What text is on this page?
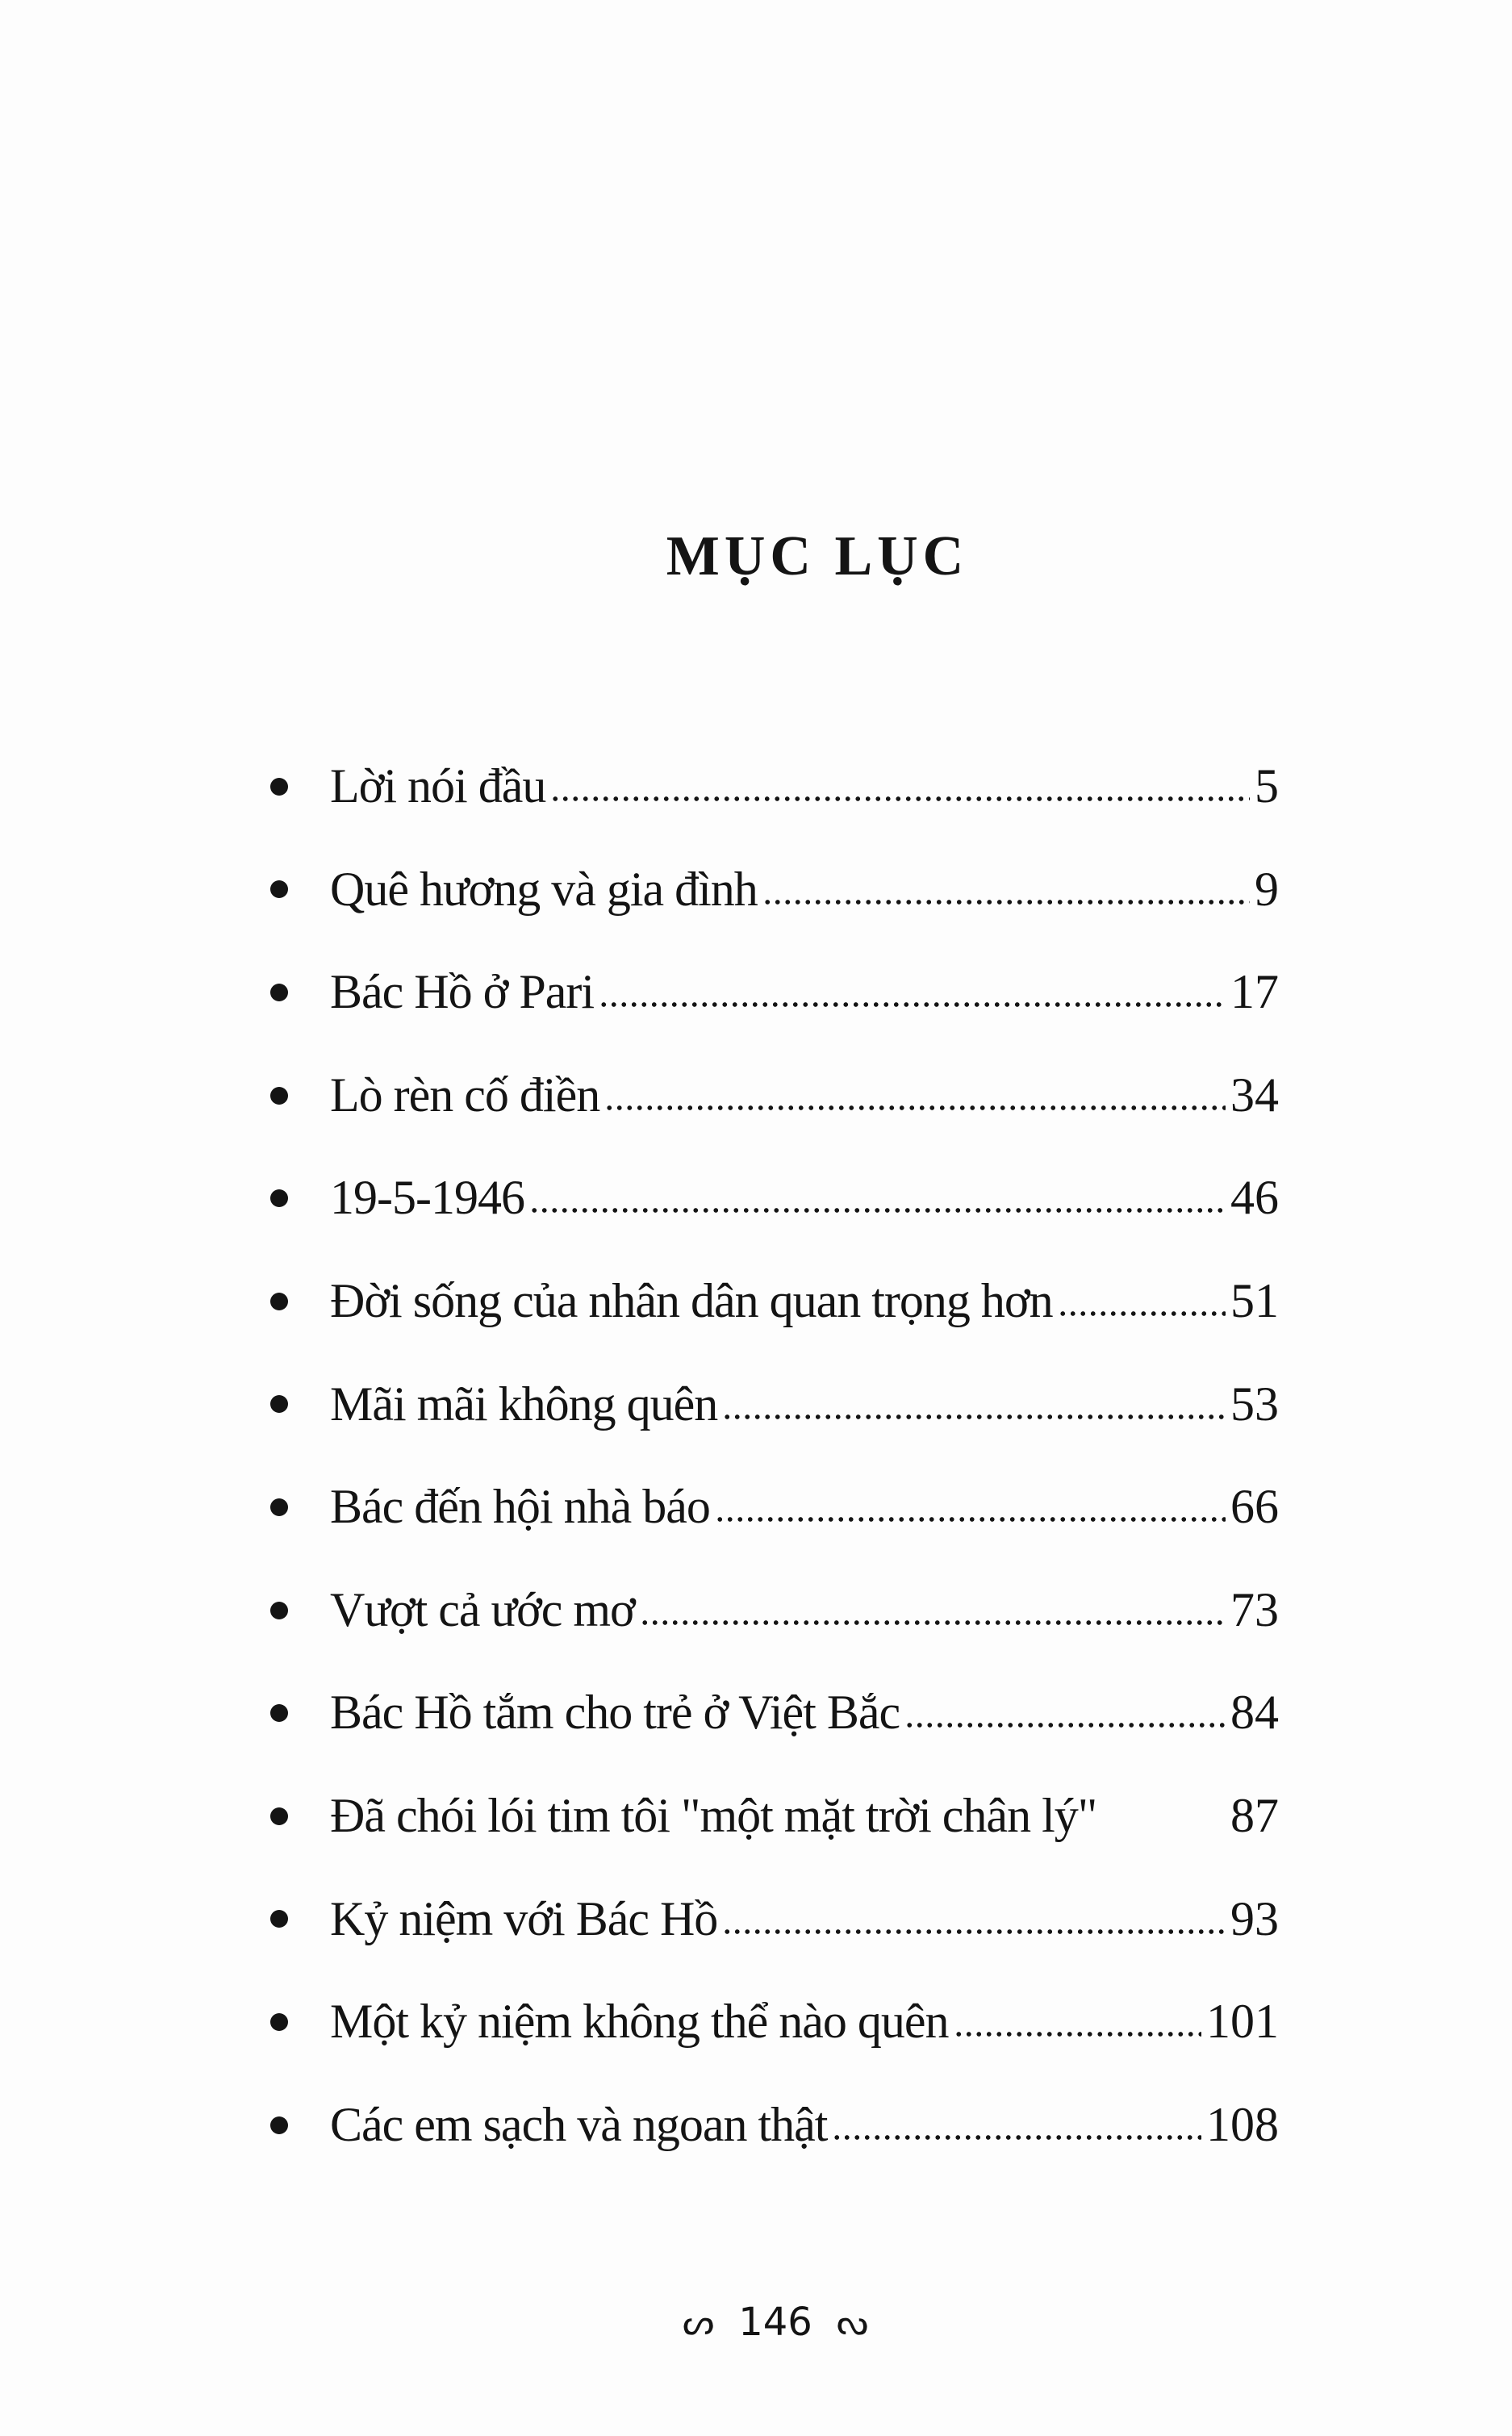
MỤC LỤC
Lời nói đầu	5
Quê hương và gia đình	9
Bác Hồ ở Pari	17
Lò rèn cố điền	34
19-5-1946	46
Đời sống của nhân dân quan trọng hơn	51
Mãi mãi không quên	53
Bác đến hội nhà báo	66
Vượt cả ước mơ	73
Bác Hồ tắm cho trẻ ở Việt Bắc	84
Đã chói lói tim tôi "một mặt trời chân lý"	87
Kỷ niệm với Bác Hồ	93
Một kỷ niệm không thể nào quên	101
Các em sạch và ngoan thật	108
ᔕ 146 ᔓ
